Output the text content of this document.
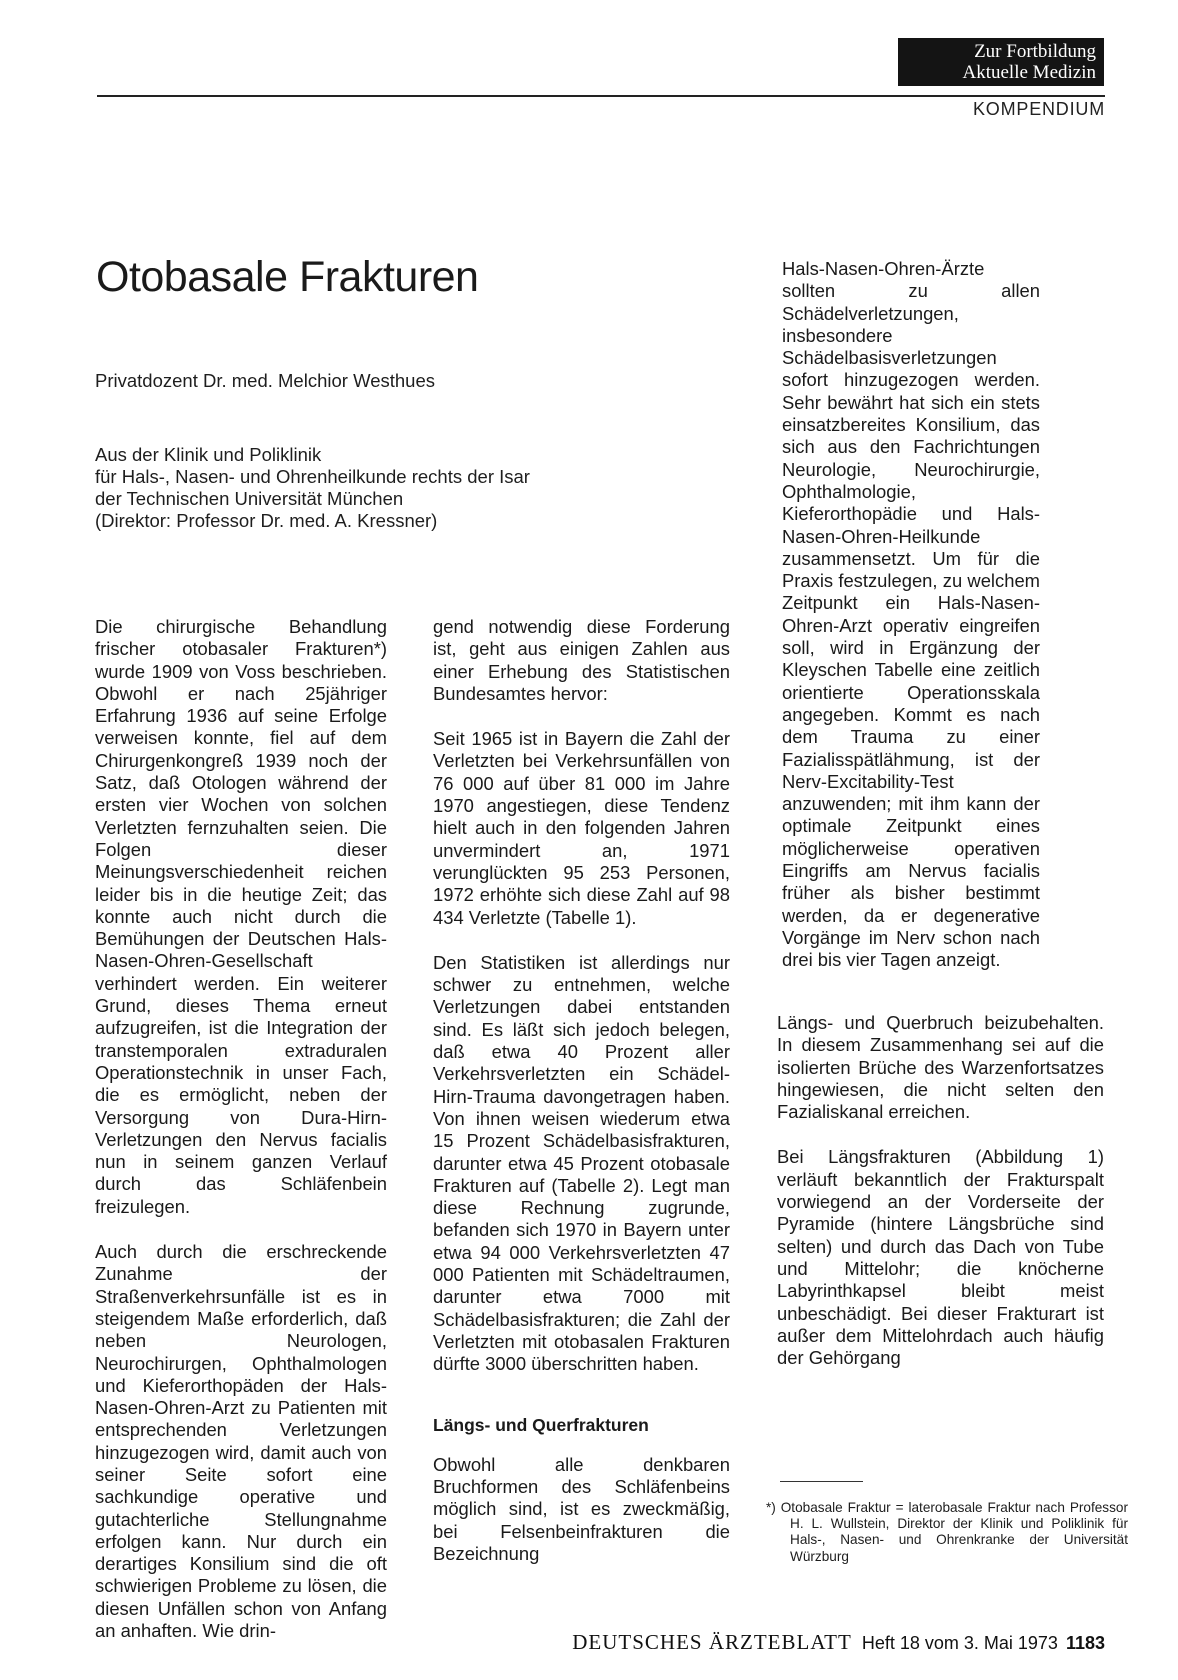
Zur Fortbildung
Aktuelle Medizin
KOMPENDIUM
Otobasale Frakturen
Privatdozent Dr. med. Melchior Westhues
Aus der Klinik und Poliklinik
für Hals-, Nasen- und Ohrenheilkunde rechts der Isar
der Technischen Universität München
(Direktor: Professor Dr. med. A. Kressner)

Die chirurgische Behandlung frischer otobasaler Frakturen*) wurde 1909 von Voss beschrieben. Obwohl er nach 25jähriger Erfahrung 1936 auf seine Erfolge verweisen konnte, fiel auf dem Chirurgenkongreß 1939 noch der Satz, daß Otologen während der ersten vier Wochen von solchen Verletzten fernzuhalten seien. Die Folgen dieser Meinungsverschiedenheit reichen leider bis in die heutige Zeit; das konnte auch nicht durch die Bemühungen der Deutschen Hals-Nasen-Ohren-Gesellschaft verhindert werden. Ein weiterer Grund, dieses Thema erneut aufzugreifen, ist die Integration der transtemporalen extraduralen Operationstechnik in unser Fach, die es ermöglicht, neben der Versorgung von Dura-Hirn-Verletzungen den Nervus facialis nun in seinem ganzen Verlauf durch das Schläfenbein freizulegen.

Auch durch die erschreckende Zunahme der Straßenverkehrsunfälle ist es in steigendem Maße erforderlich, daß neben Neurologen, Neurochirurgen, Ophthalmologen und Kieferorthopäden der Hals-Nasen-Ohren-Arzt zu Patienten mit entsprechenden Verletzungen hinzugezogen wird, damit auch von seiner Seite sofort eine sachkundige operative und gutachterliche Stellungnahme erfolgen kann. Nur durch ein derartiges Konsilium sind die oft schwierigen Probleme zu lösen, die diesen Unfällen schon von Anfang an anhaften. Wie drin-

gend notwendig diese Forderung ist, geht aus einigen Zahlen aus einer Erhebung des Statistischen Bundesamtes hervor:

Seit 1965 ist in Bayern die Zahl der Verletzten bei Verkehrsunfällen von 76 000 auf über 81 000 im Jahre 1970 angestiegen, diese Tendenz hielt auch in den folgenden Jahren unvermindert an, 1971 verunglückten 95 253 Personen, 1972 erhöhte sich diese Zahl auf 98 434 Verletzte (Tabelle 1).

Den Statistiken ist allerdings nur schwer zu entnehmen, welche Verletzungen dabei entstanden sind. Es läßt sich jedoch belegen, daß etwa 40 Prozent aller Verkehrsverletzten ein Schädel-Hirn-Trauma davongetragen haben. Von ihnen weisen wiederum etwa 15 Prozent Schädelbasisfrakturen, darunter etwa 45 Prozent otobasale Frakturen auf (Tabelle 2). Legt man diese Rechnung zugrunde, befanden sich 1970 in Bayern unter etwa 94 000 Verkehrsverletzten 47 000 Patienten mit Schädeltraumen, darunter etwa 7000 mit Schädelbasisfrakturen; die Zahl der Verletzten mit otobasalen Frakturen dürfte 3000 überschritten haben.

Längs- und Querfrakturen

Obwohl alle denkbaren Bruchformen des Schläfenbeins möglich sind, ist es zweckmäßig, bei Felsenbeinfrakturen die Bezeichnung

Hals-Nasen-Ohren-Ärzte sollten zu allen Schädelverletzungen, insbesondere Schädelbasisverletzungen sofort hinzugezogen werden. Sehr bewährt hat sich ein stets einsatzbereites Konsilium, das sich aus den Fachrichtungen Neurologie, Neurochirurgie, Ophthalmologie, Kieferorthopädie und Hals-Nasen-Ohren-Heilkunde zusammensetzt. Um für die Praxis festzulegen, zu welchem Zeitpunkt ein Hals-Nasen-Ohren-Arzt operativ eingreifen soll, wird in Ergänzung der Kleyschen Tabelle eine zeitlich orientierte Operationsskala angegeben. Kommt es nach dem Trauma zu einer Fazialisspätlähmung, ist der Nerv-Excitability-Test anzuwenden; mit ihm kann der optimale Zeitpunkt eines möglicherweise operativen Eingriffs am Nervus facialis früher als bisher bestimmt werden, da er degenerative Vorgänge im Nerv schon nach drei bis vier Tagen anzeigt.

Längs- und Querbruch beizubehalten. In diesem Zusammenhang sei auf die isolierten Brüche des Warzenfortsatzes hingewiesen, die nicht selten den Fazialiskanal erreichen.

Bei Längsfrakturen (Abbildung 1) verläuft bekanntlich der Frakturspalt vorwiegend an der Vorderseite der Pyramide (hintere Längsbrüche sind selten) und durch das Dach von Tube und Mittelohr; die knöcherne Labyrinthkapsel bleibt meist unbeschädigt. Bei dieser Frakturart ist außer dem Mittelohrdach auch häufig der Gehörgang

*) Otobasale Fraktur = laterobasale Fraktur nach Professor H. L. Wullstein, Direktor der Klinik und Poliklinik für Hals-, Nasen- und Ohrenkranke der Universität Würzburg
DEUTSCHES ÄRZTEBLATT Heft 18 vom 3. Mai 1973 1183
